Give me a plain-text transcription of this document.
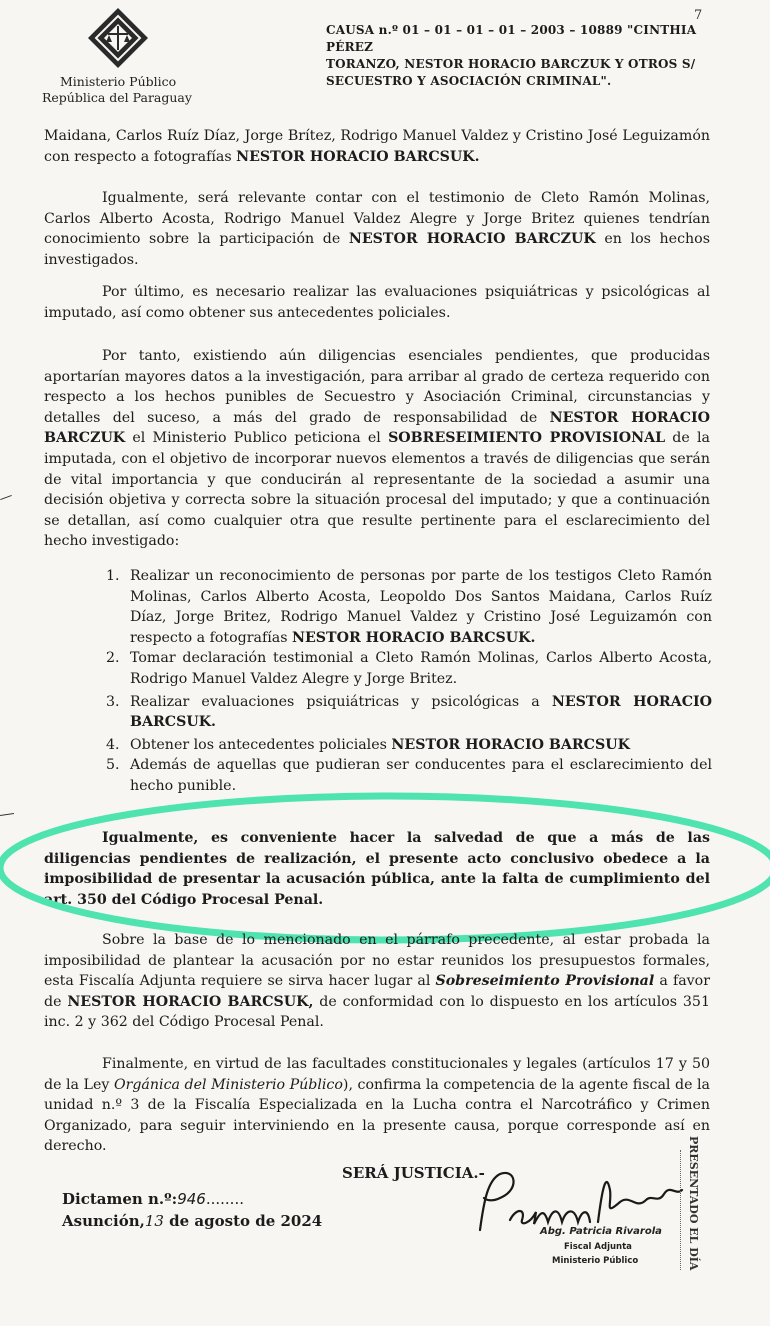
Ministerio Público
República del Paraguay
7
CAUSA n.º 01 – 01 – 01 – 01 – 2003 – 10889 "CINTHIA PÉREZ
TORANZO, NESTOR HORACIO BARCZUK Y OTROS S/
SECUESTRO Y ASOCIACIÓN CRIMINAL".
Maidana, Carlos Ruíz Díaz, Jorge Brítez, Rodrigo Manuel Valdez y Cristino José Leguizamón con respecto a fotografías NESTOR HORACIO BARCSUK.
Igualmente, será relevante contar con el testimonio de Cleto Ramón Molinas, Carlos Alberto Acosta, Rodrigo Manuel Valdez Alegre y Jorge Britez quienes tendrían conocimiento sobre la participación de NESTOR HORACIO BARCZUK en los hechos investigados.
Por último, es necesario realizar las evaluaciones psiquiátricas y psicológicas al imputado, así como obtener sus antecedentes policiales.
Por tanto, existiendo aún diligencias esenciales pendientes, que producidas aportarían mayores datos a la investigación, para arribar al grado de certeza requerido con respecto a los hechos punibles de Secuestro y Asociación Criminal, circunstancias y detalles del suceso, a más del grado de responsabilidad de NESTOR HORACIO BARCZUK el Ministerio Publico peticiona el SOBRESEIMIENTO PROVISIONAL de la imputada, con el objetivo de incorporar nuevos elementos a través de diligencias que serán de vital importancia y que conducirán al representante de la sociedad a asumir una decisión objetiva y correcta sobre la situación procesal del imputado; y que a continuación se detallan, así como cualquier otra que resulte pertinente para el esclarecimiento del hecho investigado:
1. Realizar un reconocimiento de personas por parte de los testigos Cleto Ramón Molinas, Carlos Alberto Acosta, Leopoldo Dos Santos Maidana, Carlos Ruíz Díaz, Jorge Britez, Rodrigo Manuel Valdez y Cristino José Leguizamón con respecto a fotografías NESTOR HORACIO BARCSUK.
2. Tomar declaración testimonial a Cleto Ramón Molinas, Carlos Alberto Acosta, Rodrigo Manuel Valdez Alegre y Jorge Britez.
3. Realizar evaluaciones psiquiátricas y psicológicas a NESTOR HORACIO BARCSUK.
4. Obtener los antecedentes policiales NESTOR HORACIO BARCSUK
5. Además de aquellas que pudieran ser conducentes para el esclarecimiento del hecho punible.
Igualmente, es conveniente hacer la salvedad de que a más de las diligencias pendientes de realización, el presente acto conclusivo obedece a la imposibilidad de presentar la acusación pública, ante la falta de cumplimiento del art. 350 del Código Procesal Penal.
Sobre la base de lo mencionado en el párrafo precedente, al estar probada la imposibilidad de plantear la acusación por no estar reunidos los presupuestos formales, esta Fiscalía Adjunta requiere se sirva hacer lugar al Sobreseimiento Provisional a favor de NESTOR HORACIO BARCSUK, de conformidad con lo dispuesto en los artículos 351 inc. 2 y 362 del Código Procesal Penal.
Finalmente, en virtud de las facultades constitucionales y legales (artículos 17 y 50 de la Ley Orgánica del Ministerio Público), confirma la competencia de la agente fiscal de la unidad n.º 3 de la Fiscalía Especializada en la Lucha contra el Narcotráfico y Crimen Organizado, para seguir interviniendo en la presente causa, porque corresponde así en derecho.
SERÁ JUSTICIA.-
Dictamen n.º:946........
Asunción,13 de agosto de 2024
Abg. Patricia Rivarola
Fiscal Adjunta
Ministerio Público	PRESENTADO EL DÍA
